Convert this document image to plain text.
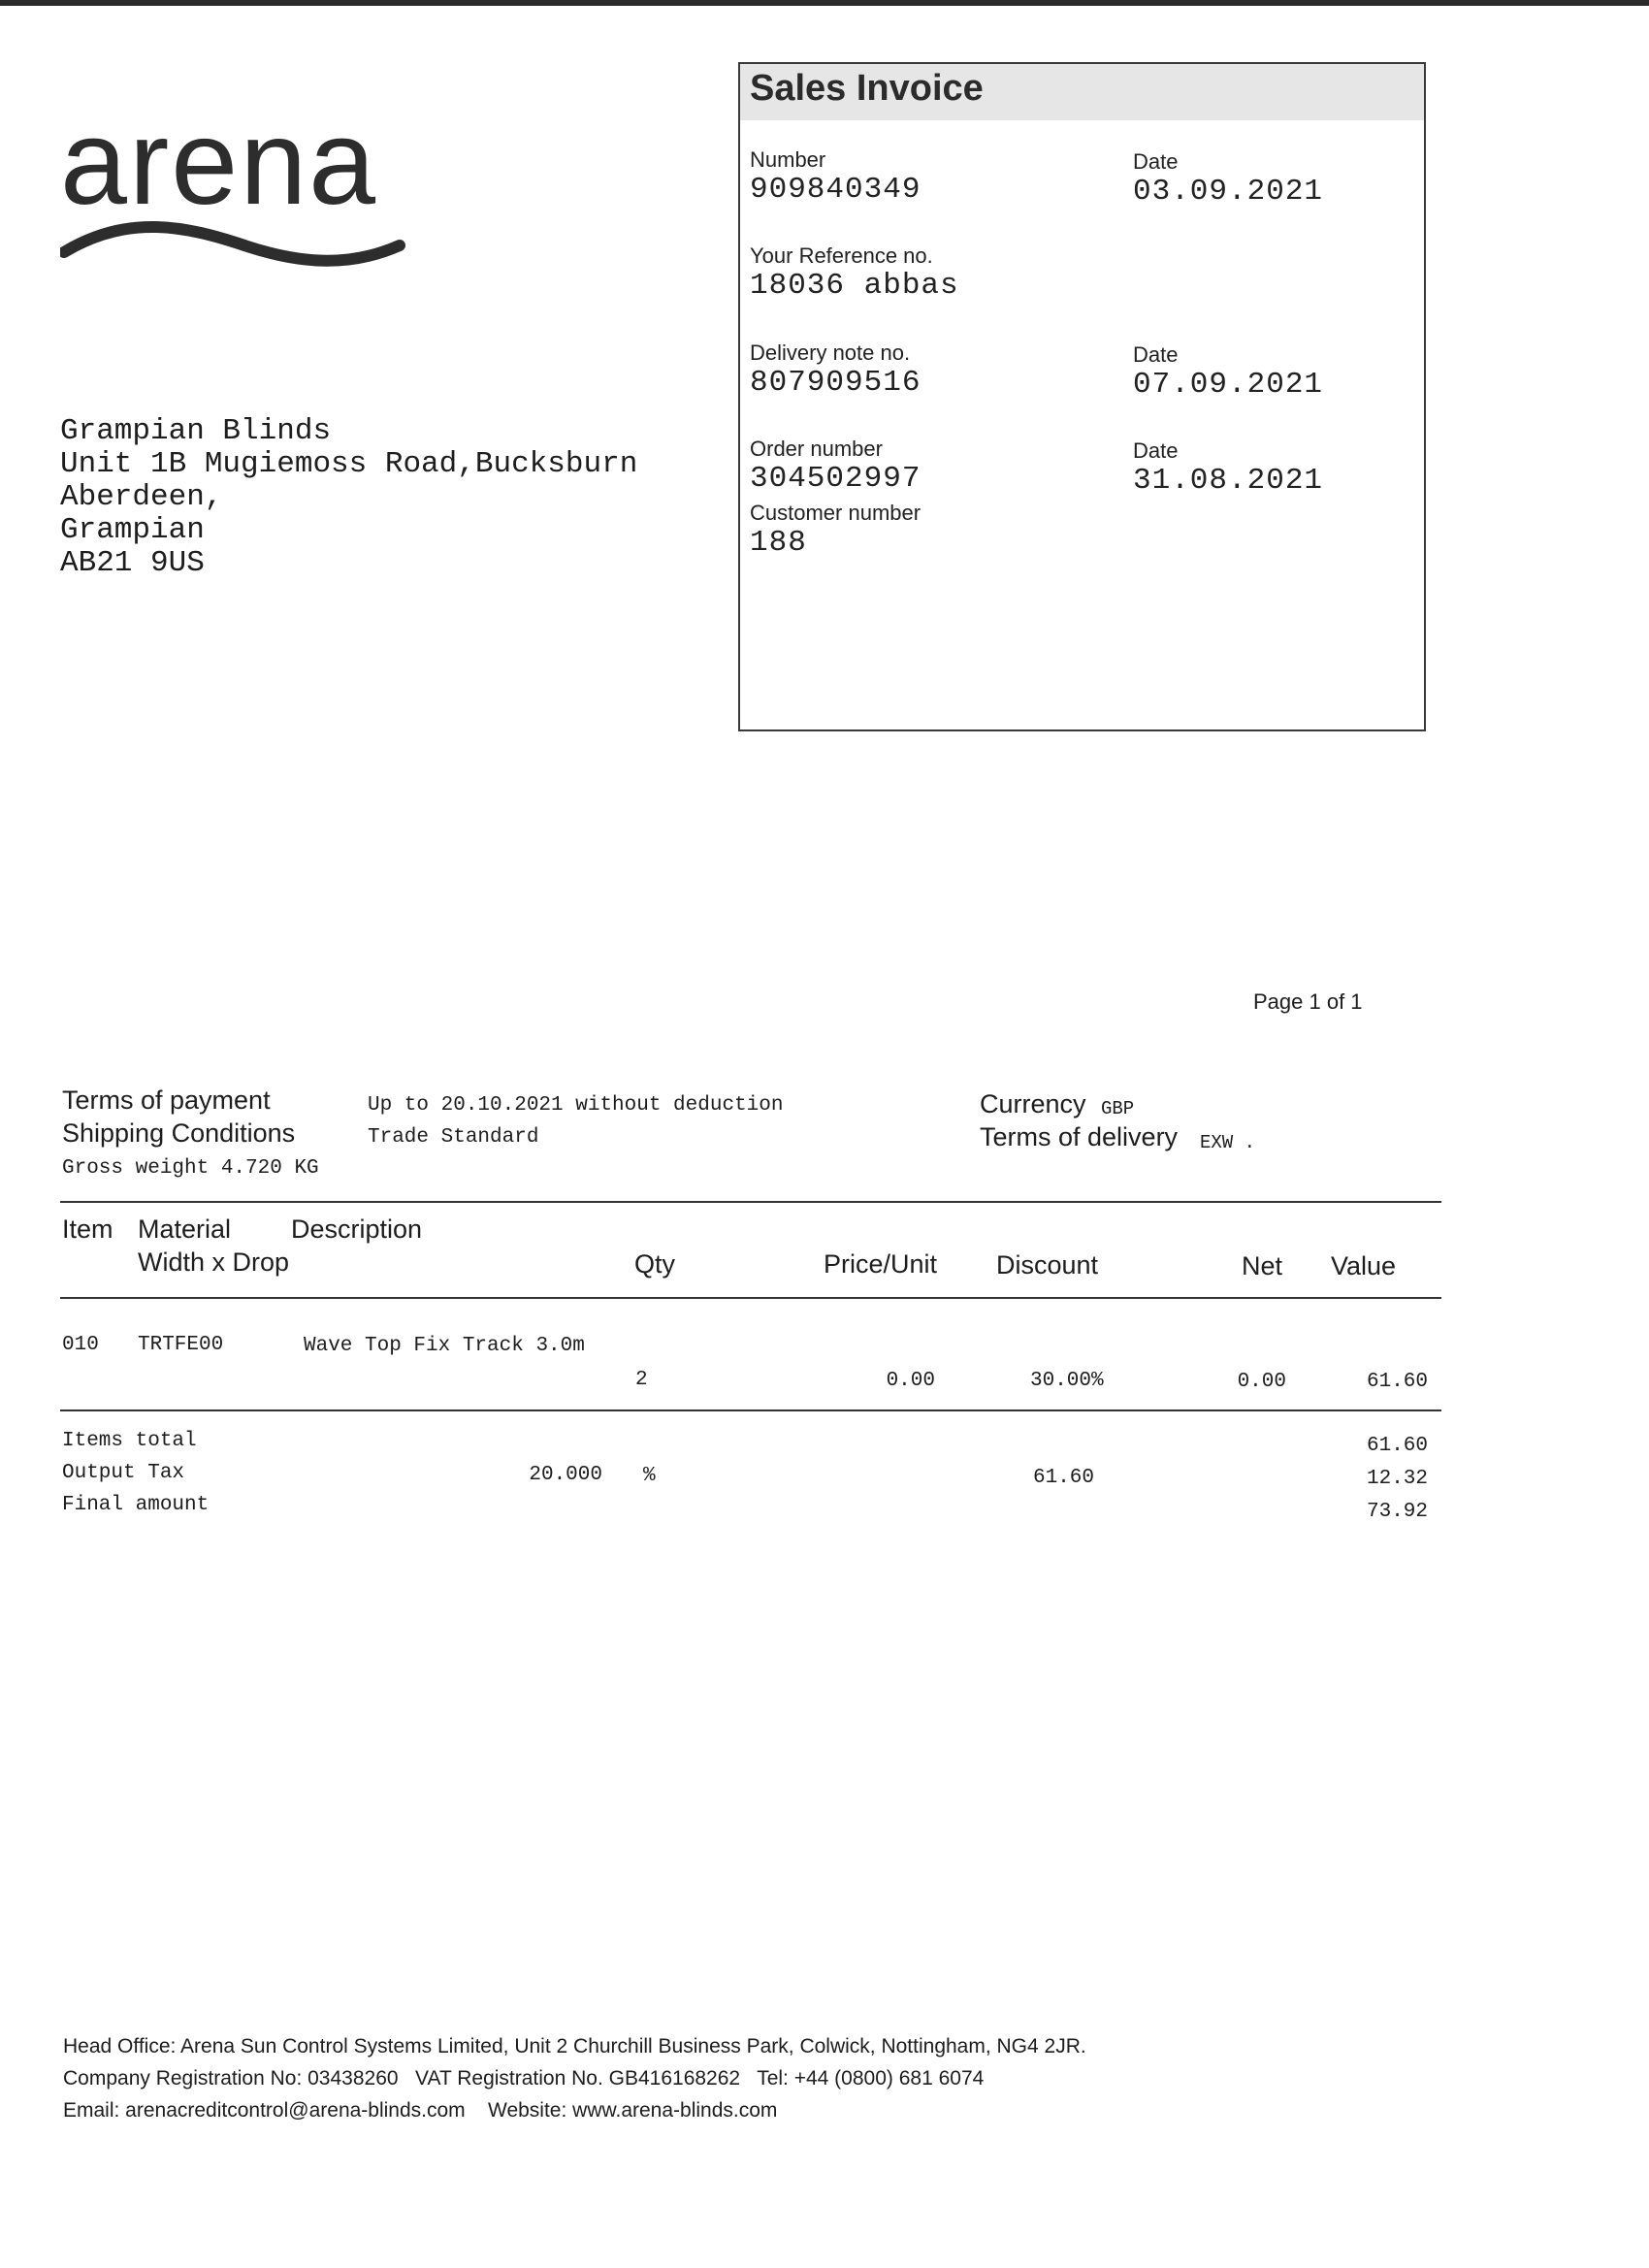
arena
Grampian Blinds
Unit 1B Mugiemoss Road,Bucksburn
Aberdeen,
Grampian
AB21 9US
Sales Invoice
Number
909840349
Date
03.09.2021
Your Reference no.
18036 abbas
Delivery note no.
807909516
Date
07.09.2021
Order number
304502997
Date
31.08.2021
Customer number
188
Page 1 of 1
Terms of payment	Up to 20.10.2021 without deduction
Shipping Conditions	Trade Standard
Gross weight 4.720 KG
Currency GBP
Terms of delivery EXW .
Item Material Description
Width x Drop	Qty	Price/Unit Discount	Net Value
010 TRTFE00	Wave Top Fix Track 3.0m
2	0.00	30.00%	0.00	61.60
Items total	61.60
Output Tax	20.000 %	61.60	12.32
Final amount	73.92
Head Office: Arena Sun Control Systems Limited, Unit 2 Churchill Business Park, Colwick, Nottingham, NG4 2JR.
Company Registration No: 03438260   VAT Registration No. GB416168262   Tel: +44 (0800) 681 6074
Email: arenacreditcontrol@arena-blinds.com    Website: www.arena-blinds.com
